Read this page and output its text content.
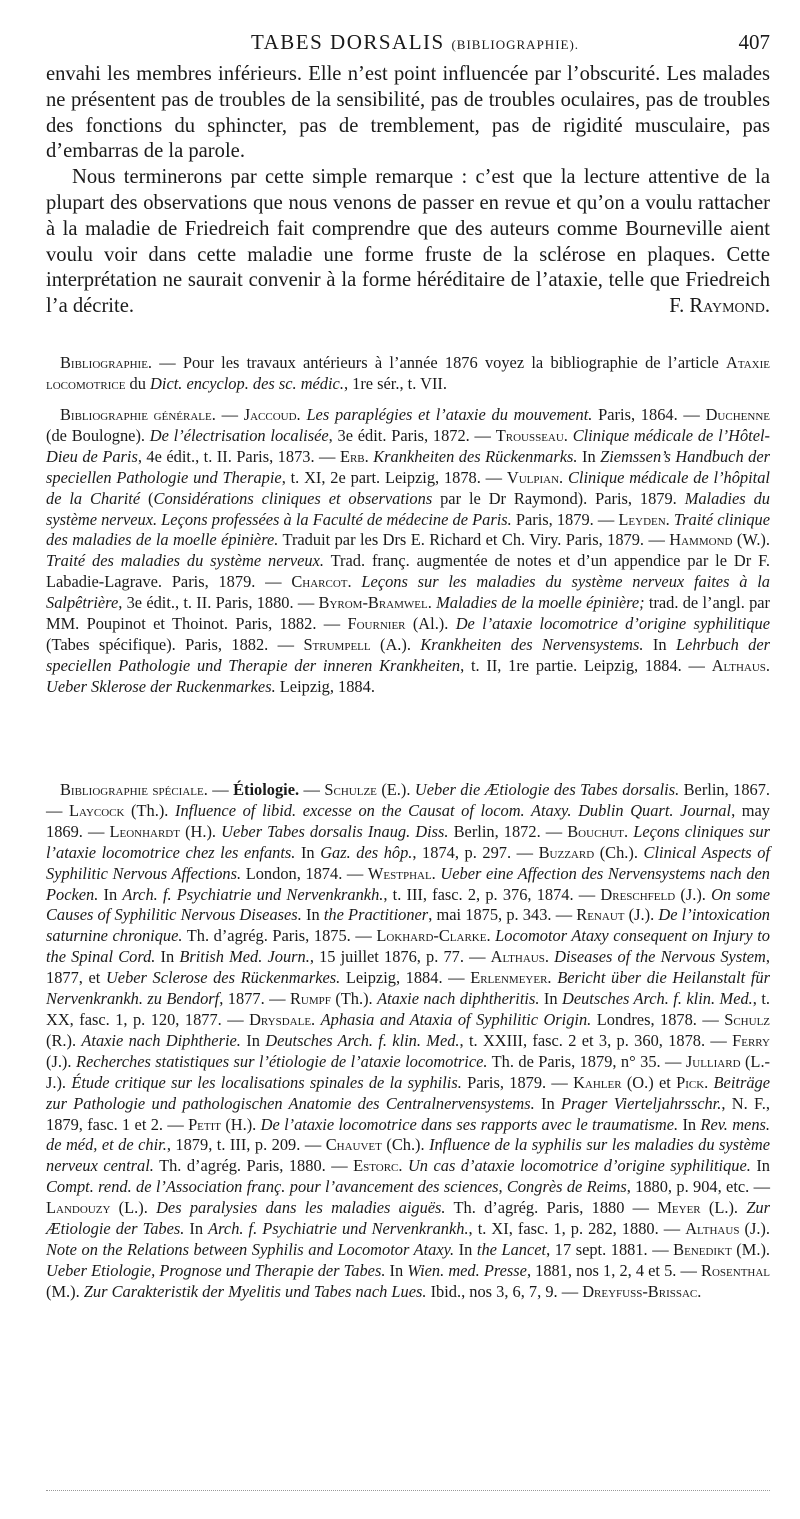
TABES DORSALIS (BIBLIOGRAPHIE).	407

envahi les membres inférieurs. Elle n’est point influencée par l’obscurité. Les malades ne présentent pas de troubles de la sensibilité, pas de troubles oculaires, pas de troubles des fonctions du sphincter, pas de tremblement, pas de rigidité musculaire, pas d’embarras de la parole.

Nous terminerons par cette simple remarque : c’est que la lecture attentive de la plupart des observations que nous venons de passer en revue et qu’on a voulu rattacher à la maladie de Friedreich fait comprendre que des auteurs comme Bourneville aient voulu voir dans cette maladie une forme fruste de la sclérose en plaques. Cette interprétation ne saurait convenir à la forme héréditaire de l’ataxie, telle que Friedreich l’a décrite.	F. Raymond.

Bibliographie. — Pour les travaux antérieurs à l’année 1876 voyez la bibliographie de l’article Ataxie locomotrice du Dict. encyclop. des sc. médic., 1re sér., t. VII.

Bibliographie générale. — Jaccoud. Les paraplégies et l’ataxie du mouvement. Paris, 1864. — Duchenne (de Boulogne). De l’électrisation localisée, 3e édit. Paris, 1872. — Trousseau. Clinique médicale de l’Hôtel-Dieu de Paris, 4e édit., t. II. Paris, 1873. — Erb. Krankheiten des Rückenmarks. In Ziemssen’s Handbuch der speciellen Pathologie und Therapie, t. XI, 2e part. Leipzig, 1878. — Vulpian. Clinique médicale de l’hôpital de la Charité (Considérations cliniques et observations par le Dr Raymond). Paris, 1879. Maladies du système nerveux. Leçons professées à la Faculté de médecine de Paris. Paris, 1879. — Leyden. Traité clinique des maladies de la moelle épinière. Traduit par les Drs E. Richard et Ch. Viry. Paris, 1879. — Hammond (W.). Traité des maladies du système nerveux. Trad. franç. augmentée de notes et d’un appendice par le Dr F. Labadie-Lagrave. Paris, 1879. — Charcot. Leçons sur les maladies du système nerveux faites à la Salpêtrière, 3e édit., t. II. Paris, 1880. — Byrom-Bramwel. Maladies de la moelle épinière; trad. de l’angl. par MM. Poupinot et Thoinot. Paris, 1882. — Fournier (Al.). De l’ataxie locomotrice d’origine syphilitique (Tabes spécifique). Paris, 1882. — Strumpell (A.). Krankheiten des Nervensystems. In Lehrbuch der speciellen Pathologie und Therapie der inneren Krankheiten, t. II, 1re partie. Leipzig, 1884. — Althaus. Ueber Sklerose der Ruckenmarkes. Leipzig, 1884.

Bibliographie spéciale. — Étiologie. — Schulze (E.). Ueber die Ætiologie des Tabes dorsalis. Berlin, 1867. — Laycock (Th.). Influence of libid. excesse on the Causat of locom. Ataxy. Dublin Quart. Journal, may 1869. — Leonhardt (H.). Ueber Tabes dorsalis Inaug. Diss. Berlin, 1872. — Bouchut. Leçons cliniques sur l’ataxie locomotrice chez les enfants. In Gaz. des hôp., 1874, p. 297. — Buzzard (Ch.). Clinical Aspects of Syphilitic Nervous Affections. London, 1874. — Westphal. Ueber eine Affection des Nervensystems nach den Pocken. In Arch. f. Psychiatrie und Nervenkrankh., t. III, fasc. 2, p. 376, 1874. — Dreschfeld (J.). On some Causes of Syphilitic Nervous Diseases. In the Practitioner, mai 1875, p. 343. — Renaut (J.). De l’intoxication saturnine chronique. Th. d’agrég. Paris, 1875. — Lokhard-Clarke. Locomotor Ataxy consequent on Injury to the Spinal Cord. In British Med. Journ., 15 juillet 1876, p. 77. — Althaus. Diseases of the Nervous System, 1877, et Ueber Sclerose des Rückenmarkes. Leipzig, 1884. — Erlenmeyer. Bericht über die Heilanstalt für Nervenkrankh. zu Bendorf, 1877. — Rumpf (Th.). Ataxie nach diphtheritis. In Deutsches Arch. f. klin. Med., t. XX, fasc. 1, p. 120, 1877. — Drysdale. Aphasia and Ataxia of Syphilitic Origin. Londres, 1878. — Schulz (R.). Ataxie nach Diphtherie. In Deutsches Arch. f. klin. Med., t. XXIII, fasc. 2 et 3, p. 360, 1878. — Ferry (J.). Recherches statistiques sur l’étiologie de l’ataxie locomotrice. Th. de Paris, 1879, n° 35. — Julliard (L.-J.). Étude critique sur les localisations spinales de la syphilis. Paris, 1879. — Kahler (O.) et Pick. Beiträge zur Pathologie und pathologischen Anatomie des Centralnervensystems. In Prager Vierteljahrsschr., N. F., 1879, fasc. 1 et 2. — Petit (H.). De l’ataxie locomotrice dans ses rapports avec le traumatisme. In Rev. mens. de méd, et de chir., 1879, t. III, p. 209. — Chauvet (Ch.). Influence de la syphilis sur les maladies du système nerveux central. Th. d’agrég. Paris, 1880. — Estorc. Un cas d’ataxie locomotrice d’origine syphilitique. In Compt. rend. de l’Association franç. pour l’avancement des sciences, Congrès de Reims, 1880, p. 904, etc. — Landouzy (L.). Des paralysies dans les maladies aiguës. Th. d’agrég. Paris, 1880 — Meyer (L.). Zur Ætiologie der Tabes. In Arch. f. Psychiatrie und Nervenkrankh., t. XI, fasc. 1, p. 282, 1880. — Althaus (J.). Note on the Relations between Syphilis and Locomotor Ataxy. In the Lancet, 17 sept. 1881. — Benedikt (M.). Ueber Etiologie, Prognose und Therapie der Tabes. In Wien. med. Presse, 1881, nos 1, 2, 4 et 5. — Rosenthal (M.). Zur Carakteristik der Myelitis und Tabes nach Lues. Ibid., nos 3, 6, 7, 9. — Dreyfuss-Brissac.
